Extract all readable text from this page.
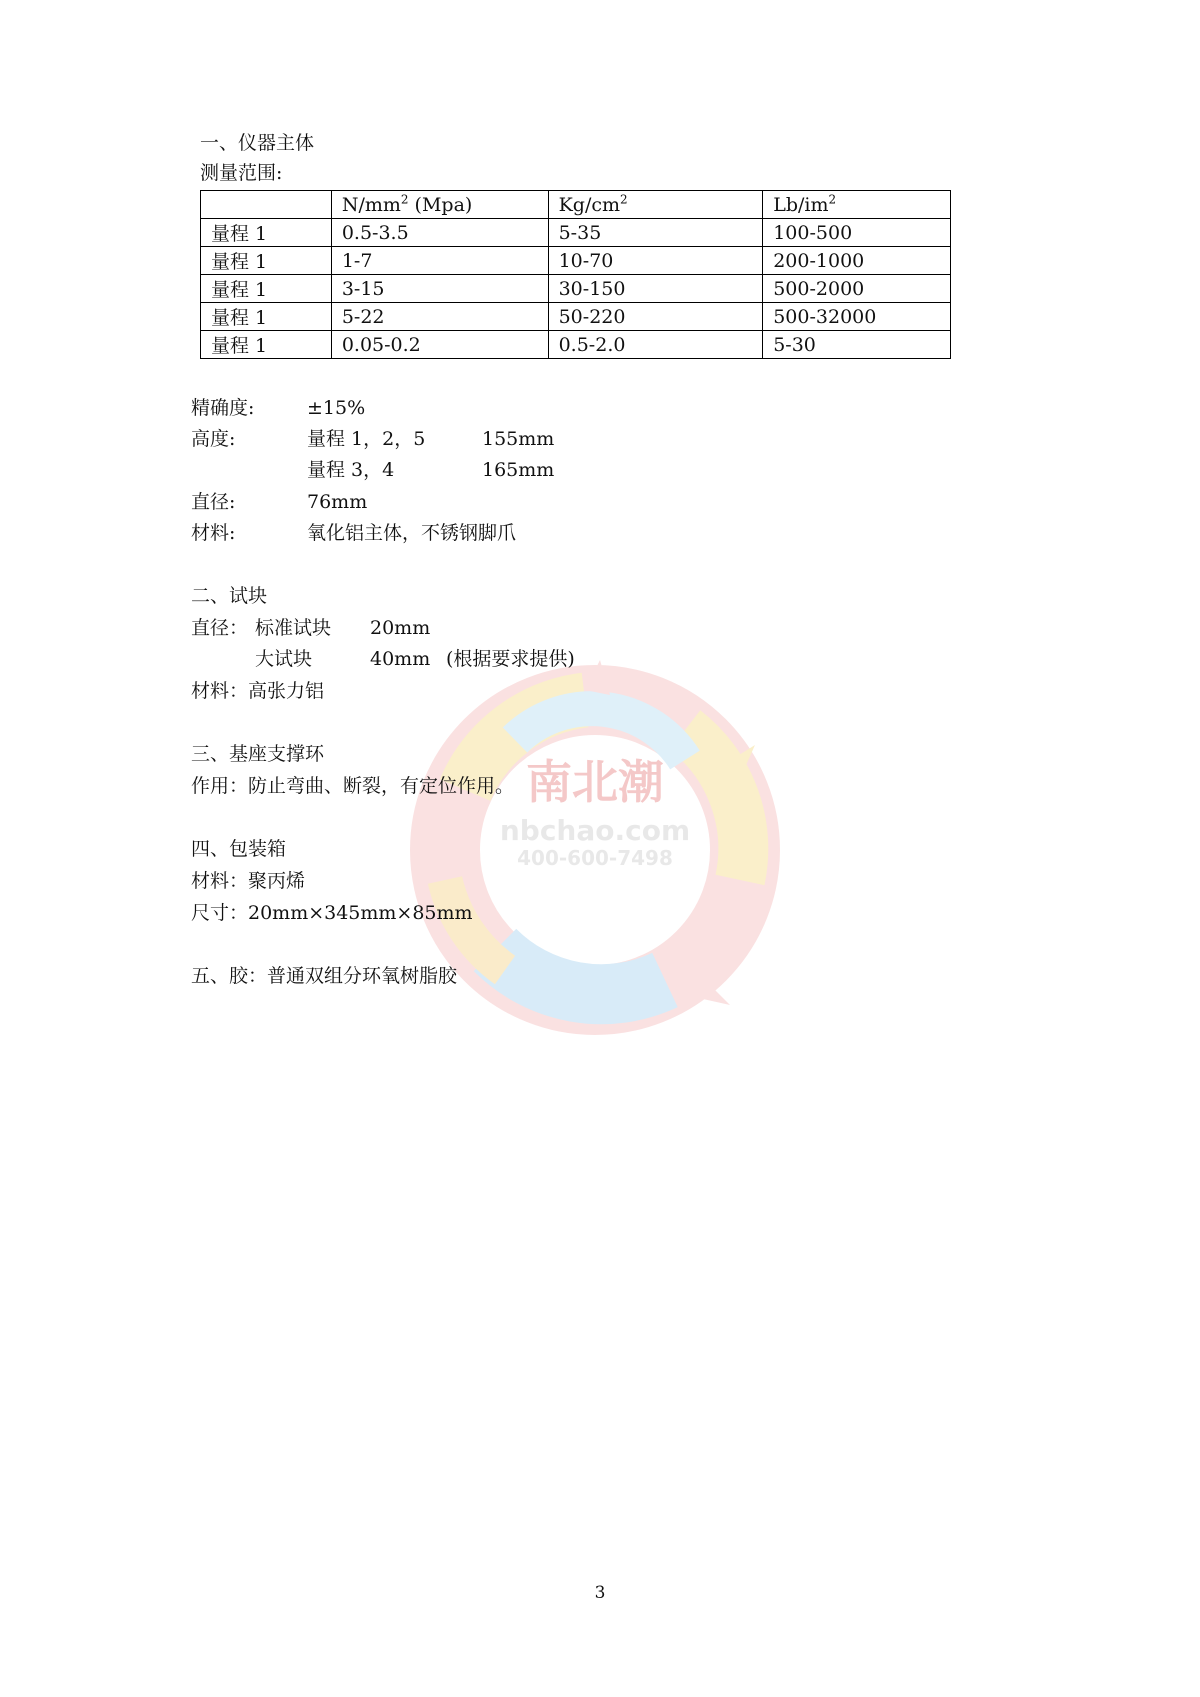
南北潮
nbchao.com
400-600-7498
一、仪器主体
测量范围:
	$N/mm^2$ (Mpa)	$Kg/cm^2$	$Lb/im^2$
量程 1	0.5-3.5	5-35	100-500
量程 1	1-7	10-70	200-1000
量程 1	3-15	30-150	500-2000
量程 1	5-22	50-220	500-32000
量程 1	0.05-0.2	0.5-2.0	5-30
精确度:	±15%
高度:	量程 1，2，5	155mm
量程 3，4	165mm
直径:	76mm
材料:	氧化铝主体，不锈钢脚爪
二、试块
直径： 标准试块 20mm
大试块	40mm (根据要求提供)
材料：高张力铝
三、基座支撑环
作用：防止弯曲、断裂，有定位作用。
四、包装箱
材料：聚丙烯
尺寸：20mm×345mm×85mm
五、胶：普通双组分环氧树脂胶
3
